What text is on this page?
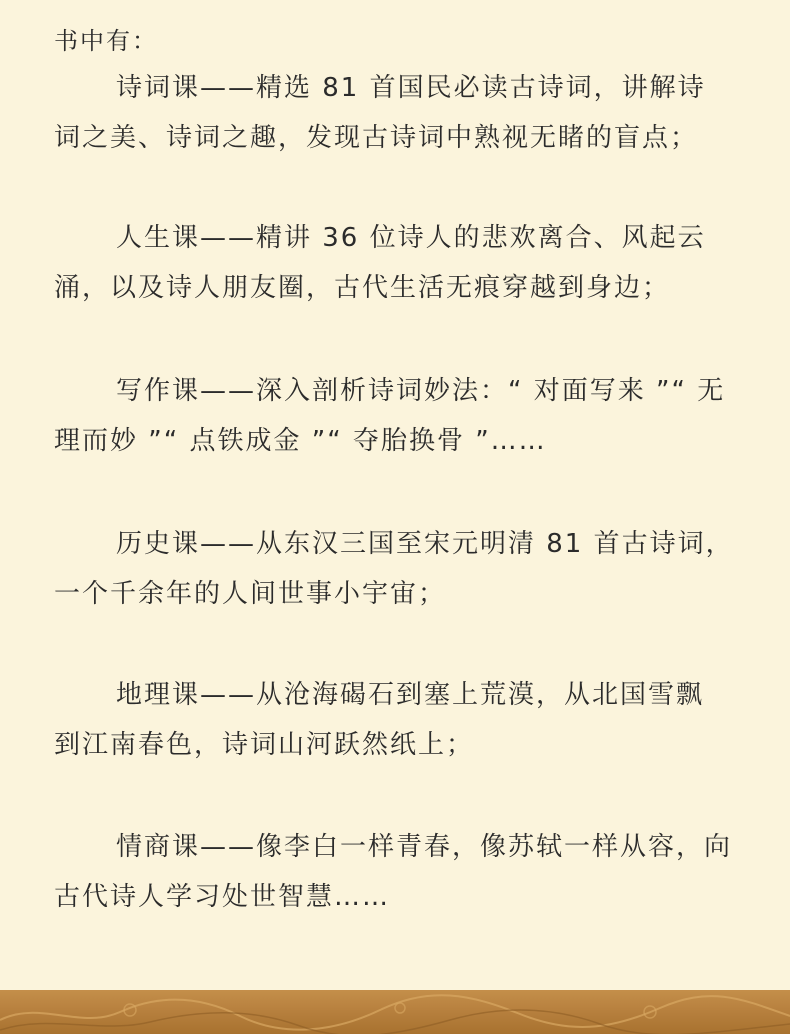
书中有：
诗词课——精选 81 首国民必读古诗词，讲解诗
词之美、诗词之趣，发现古诗词中熟视无睹的盲点；
人生课——精讲 36 位诗人的悲欢离合、风起云
涌，以及诗人朋友圈，古代生活无痕穿越到身边；
写作课——深入剖析诗词妙法：“ 对面写来 ”“ 无
理而妙 ”“ 点铁成金 ”“ 夺胎换骨 ”……
历史课——从东汉三国至宋元明清 81 首古诗词，
一个千余年的人间世事小宇宙；
地理课——从沧海碣石到塞上荒漠，从北国雪飘
到江南春色，诗词山河跃然纸上；
情商课——像李白一样青春，像苏轼一样从容，向
古代诗人学习处世智慧……
